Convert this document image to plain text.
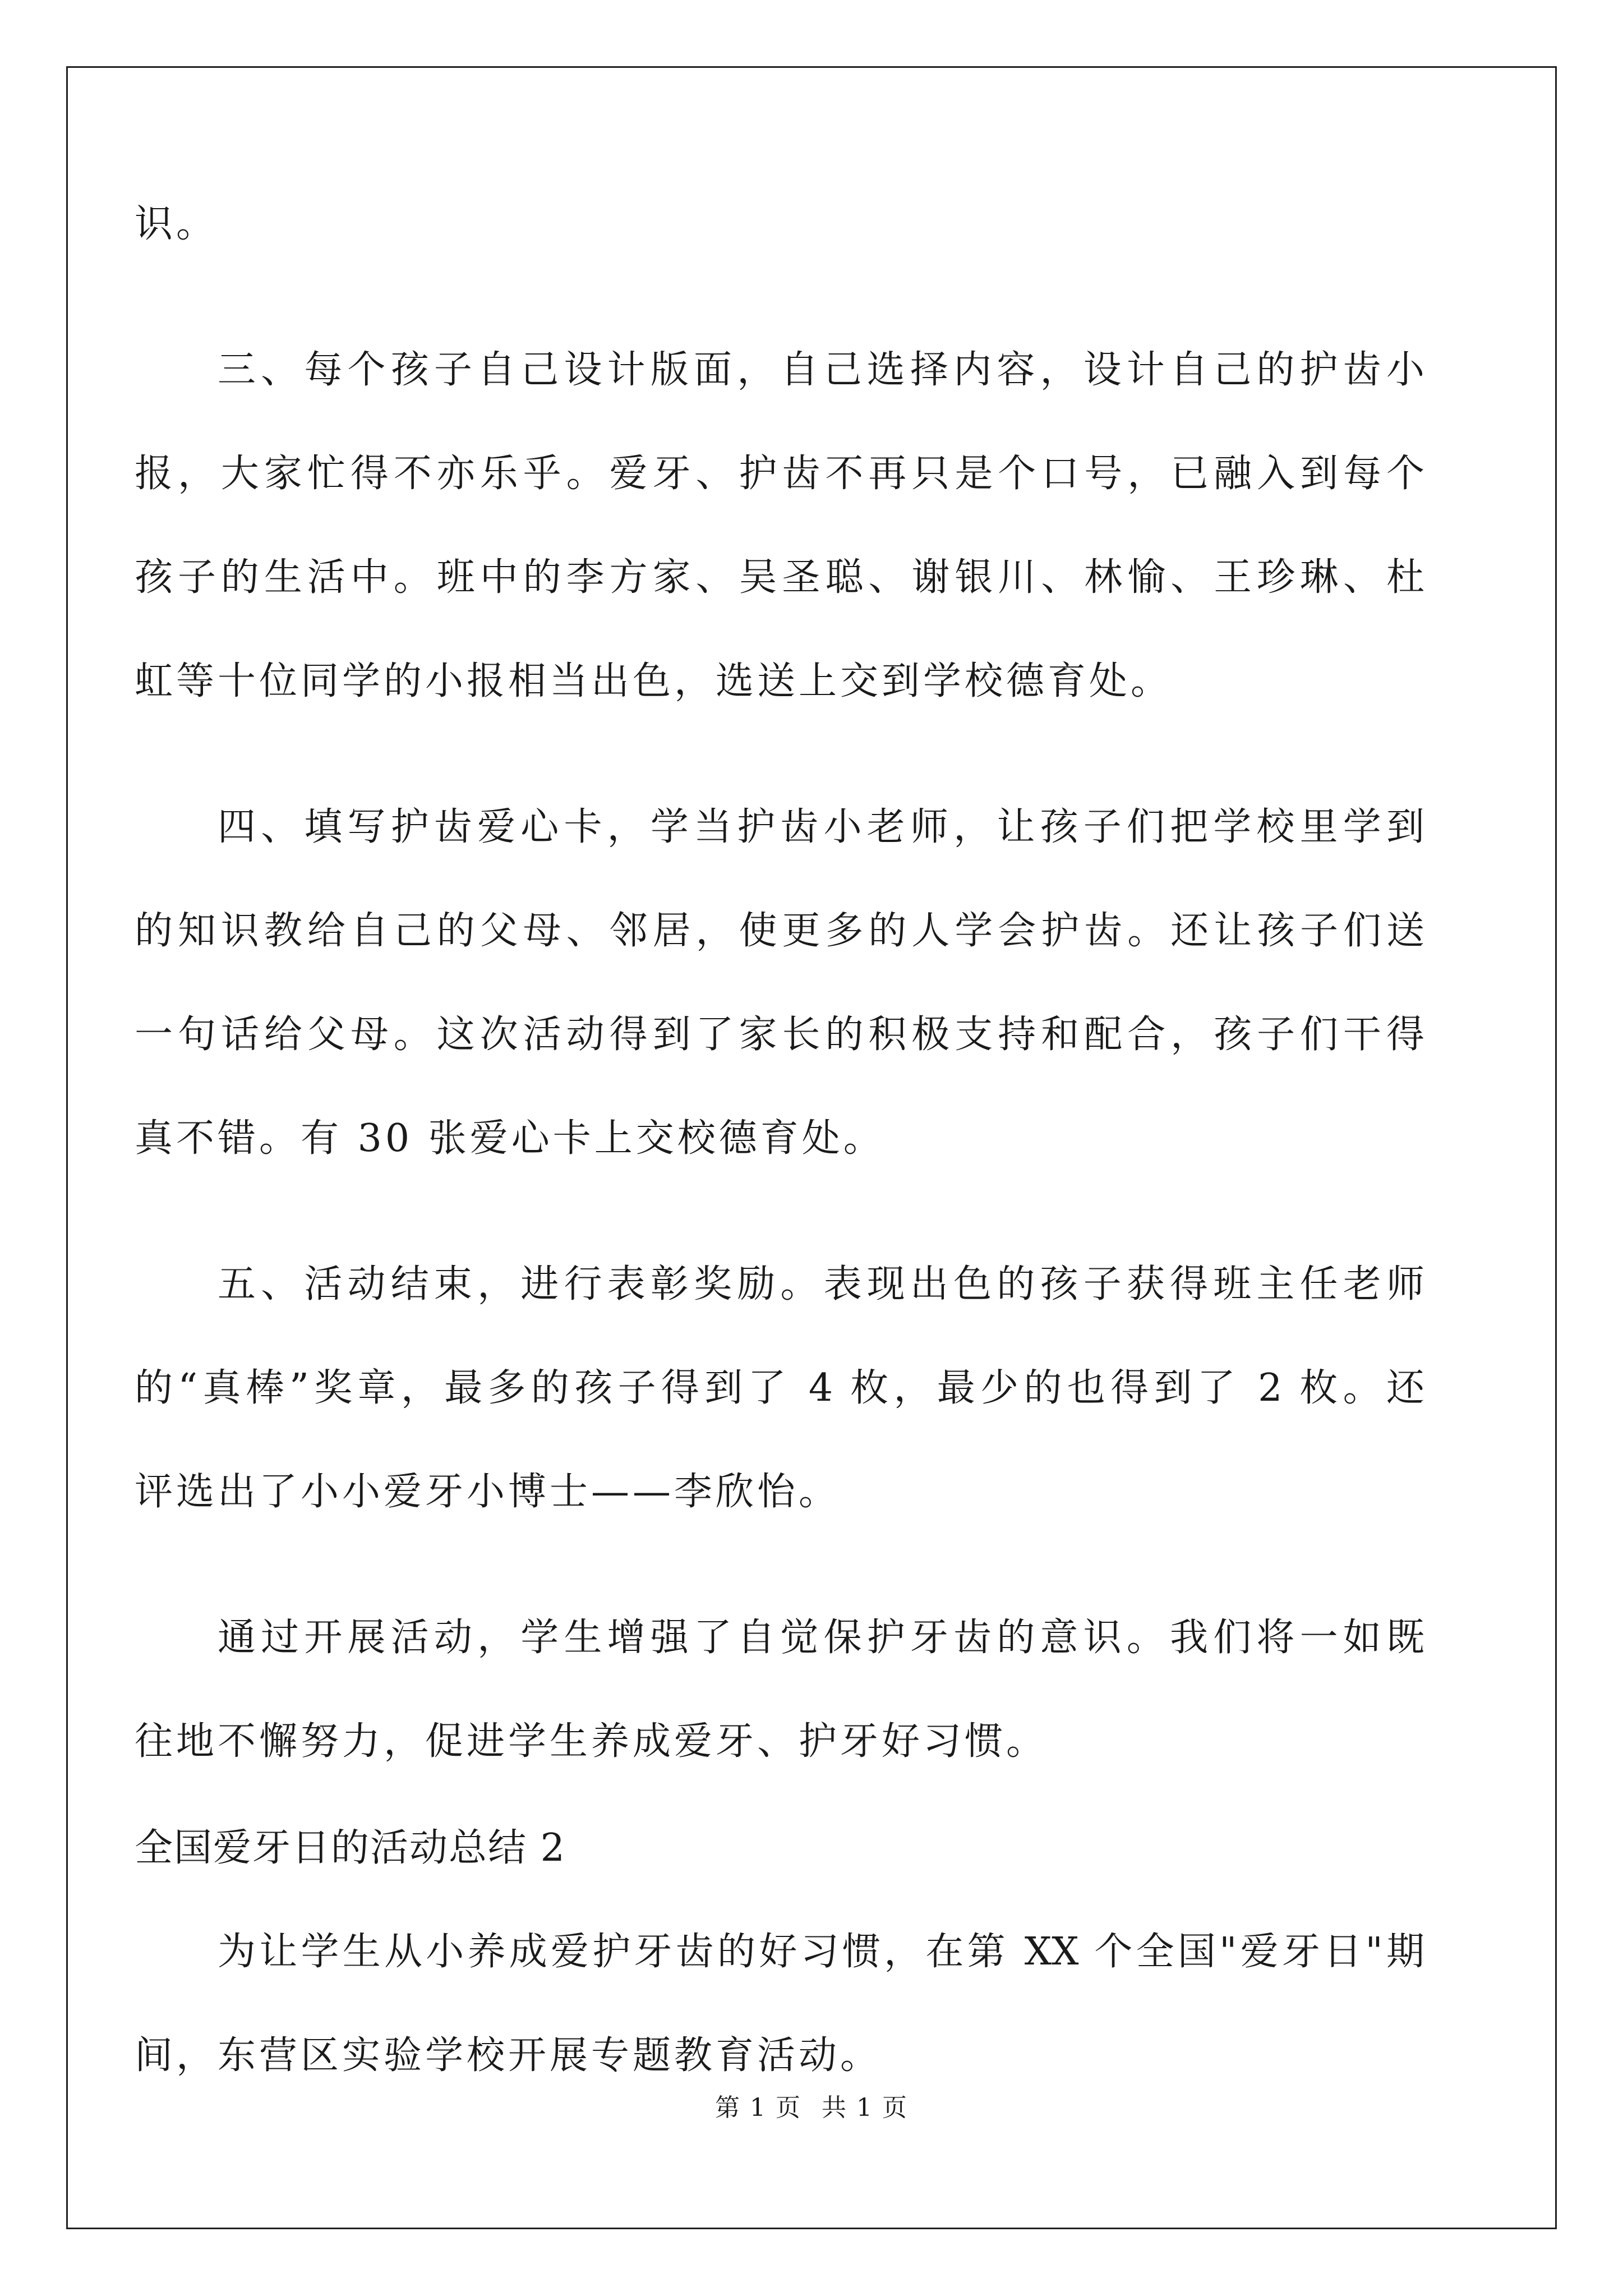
识。
三、每个孩子自己设计版面，自己选择内容，设计自己的护齿小
报，大家忙得不亦乐乎。爱牙、护齿不再只是个口号，已融入到每个
孩子的生活中。班中的李方家、吴圣聪、谢银川、林愉、王珍琳、杜
虹等十位同学的小报相当出色，选送上交到学校德育处。
四、填写护齿爱心卡，学当护齿小老师，让孩子们把学校里学到
的知识教给自己的父母、邻居，使更多的人学会护齿。还让孩子们送
一句话给父母。这次活动得到了家长的积极支持和配合，孩子们干得
真不错。有 30 张爱心卡上交校德育处。
五、活动结束，进行表彰奖励。表现出色的孩子获得班主任老师
的“真棒”奖章，最多的孩子得到了 4 枚，最少的也得到了 2 枚。还
评选出了小小爱牙小博士——李欣怡。
通过开展活动，学生增强了自觉保护牙齿的意识。我们将一如既
往地不懈努力，促进学生养成爱牙、护牙好习惯。
全国爱牙日的活动总结 2
为让学生从小养成爱护牙齿的好习惯，在第 XX 个全国"爱牙日"期
间，东营区实验学校开展专题教育活动。
第 1 页 共 1 页
